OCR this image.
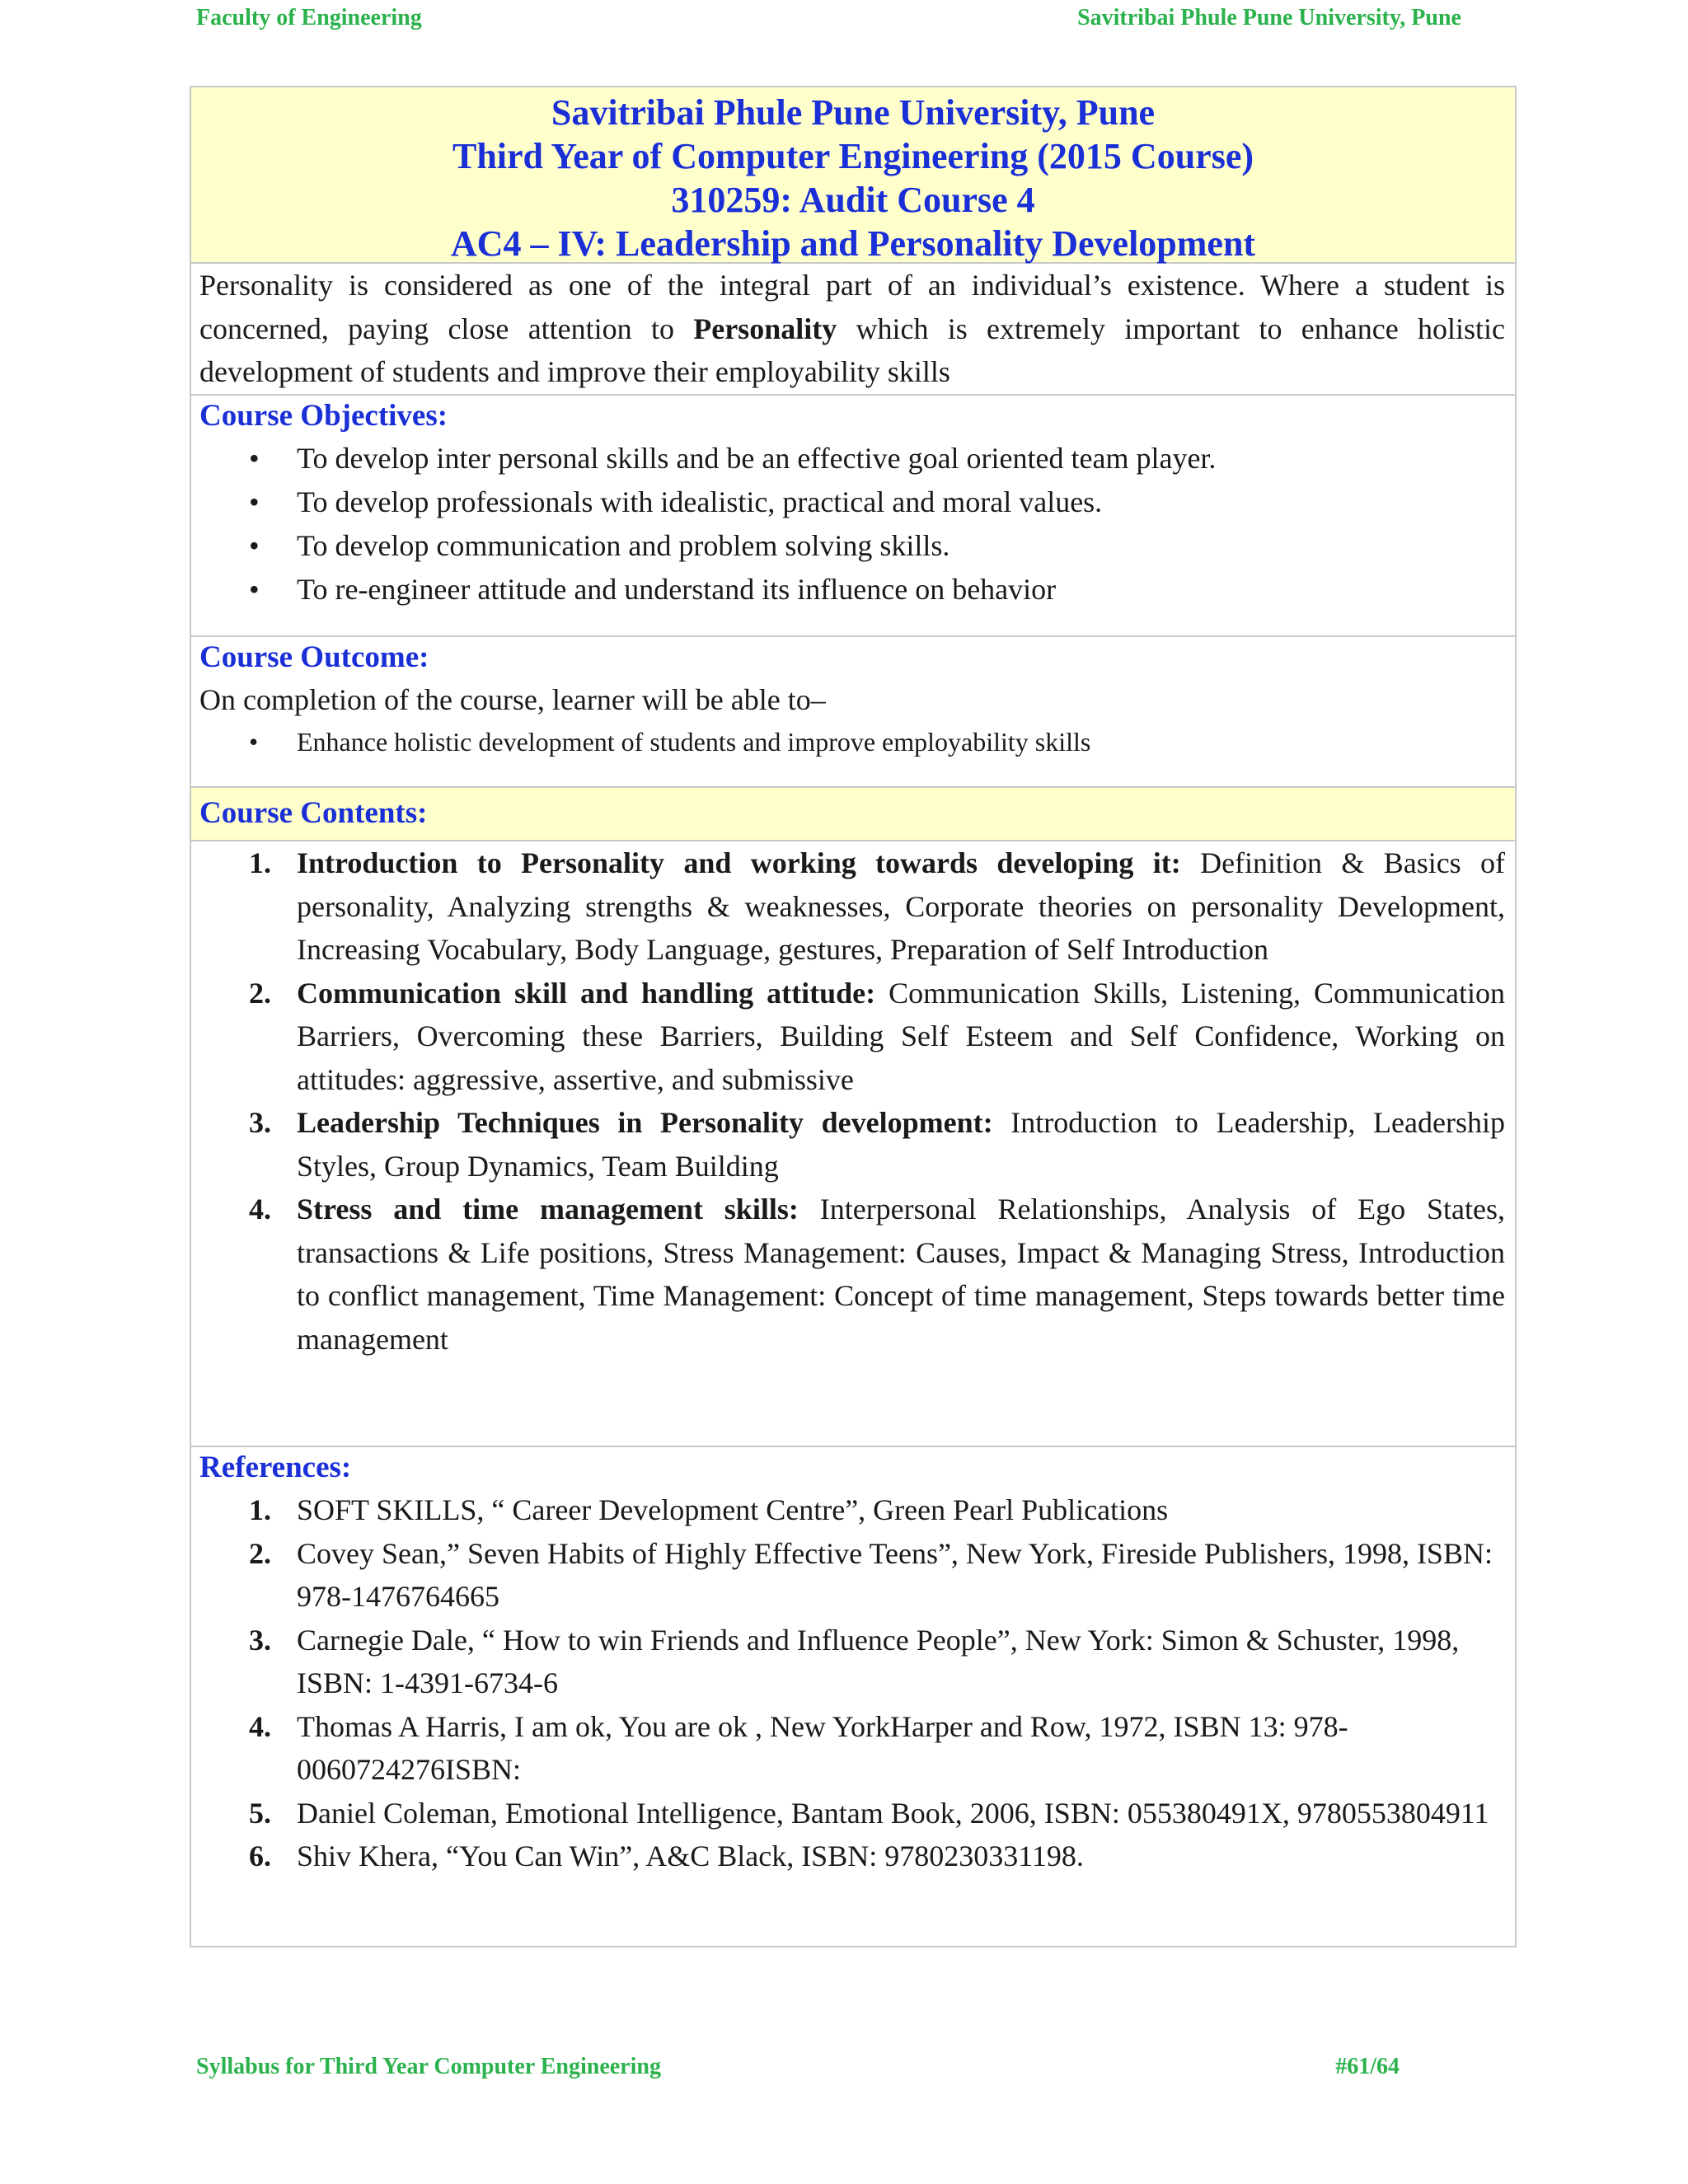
Faculty of Engineering	Savitribai Phule Pune University, Pune
Savitribai Phule Pune University, Pune
Third Year of Computer Engineering (2015 Course)
310259: Audit Course 4
AC4 – IV: Leadership and Personality Development
Personality is considered as one of the integral part of an individual’s existence. Where a student is concerned, paying close attention to Personality which is extremely important to enhance holistic development of students and improve their employability skills
Course Objectives:
• To develop inter personal skills and be an effective goal oriented team player.
• To develop professionals with idealistic, practical and moral values.
• To develop communication and problem solving skills.
• To re-engineer attitude and understand its influence on behavior
Course Outcome:
On completion of the course, learner will be able to–
• Enhance holistic development of students and improve employability skills
Course Contents:
1. Introduction to Personality and working towards developing it: Definition & Basics of personality, Analyzing strengths & weaknesses, Corporate theories on personality Development, Increasing Vocabulary, Body Language, gestures, Preparation of Self Introduction
2. Communication skill and handling attitude: Communication Skills, Listening, Communication Barriers, Overcoming these Barriers, Building Self Esteem and Self Confidence, Working on attitudes: aggressive, assertive, and submissive
3. Leadership Techniques in Personality development: Introduction to Leadership, Leadership Styles, Group Dynamics, Team Building
4. Stress and time management skills: Interpersonal Relationships, Analysis of Ego States, transactions & Life positions, Stress Management: Causes, Impact & Managing Stress, Introduction to conflict management, Time Management: Concept of time management, Steps towards better time management
References:
1. SOFT SKILLS, “ Career Development Centre”, Green Pearl Publications
2. Covey Sean,” Seven Habits of Highly Effective Teens”, New York, Fireside Publishers, 1998, ISBN: 978-1476764665
3. Carnegie Dale, “ How to win Friends and Influence People”, New York: Simon & Schuster, 1998, ISBN: 1-4391-6734-6
4. Thomas A Harris, I am ok, You are ok , New YorkHarper and Row, 1972, ISBN 13: 978-0060724276ISBN:
5. Daniel Coleman, Emotional Intelligence, Bantam Book, 2006, ISBN: 055380491X, 9780553804911
6. Shiv Khera, “You Can Win”, A&C Black, ISBN: 9780230331198.
Syllabus for Third Year Computer Engineering	#61/64
